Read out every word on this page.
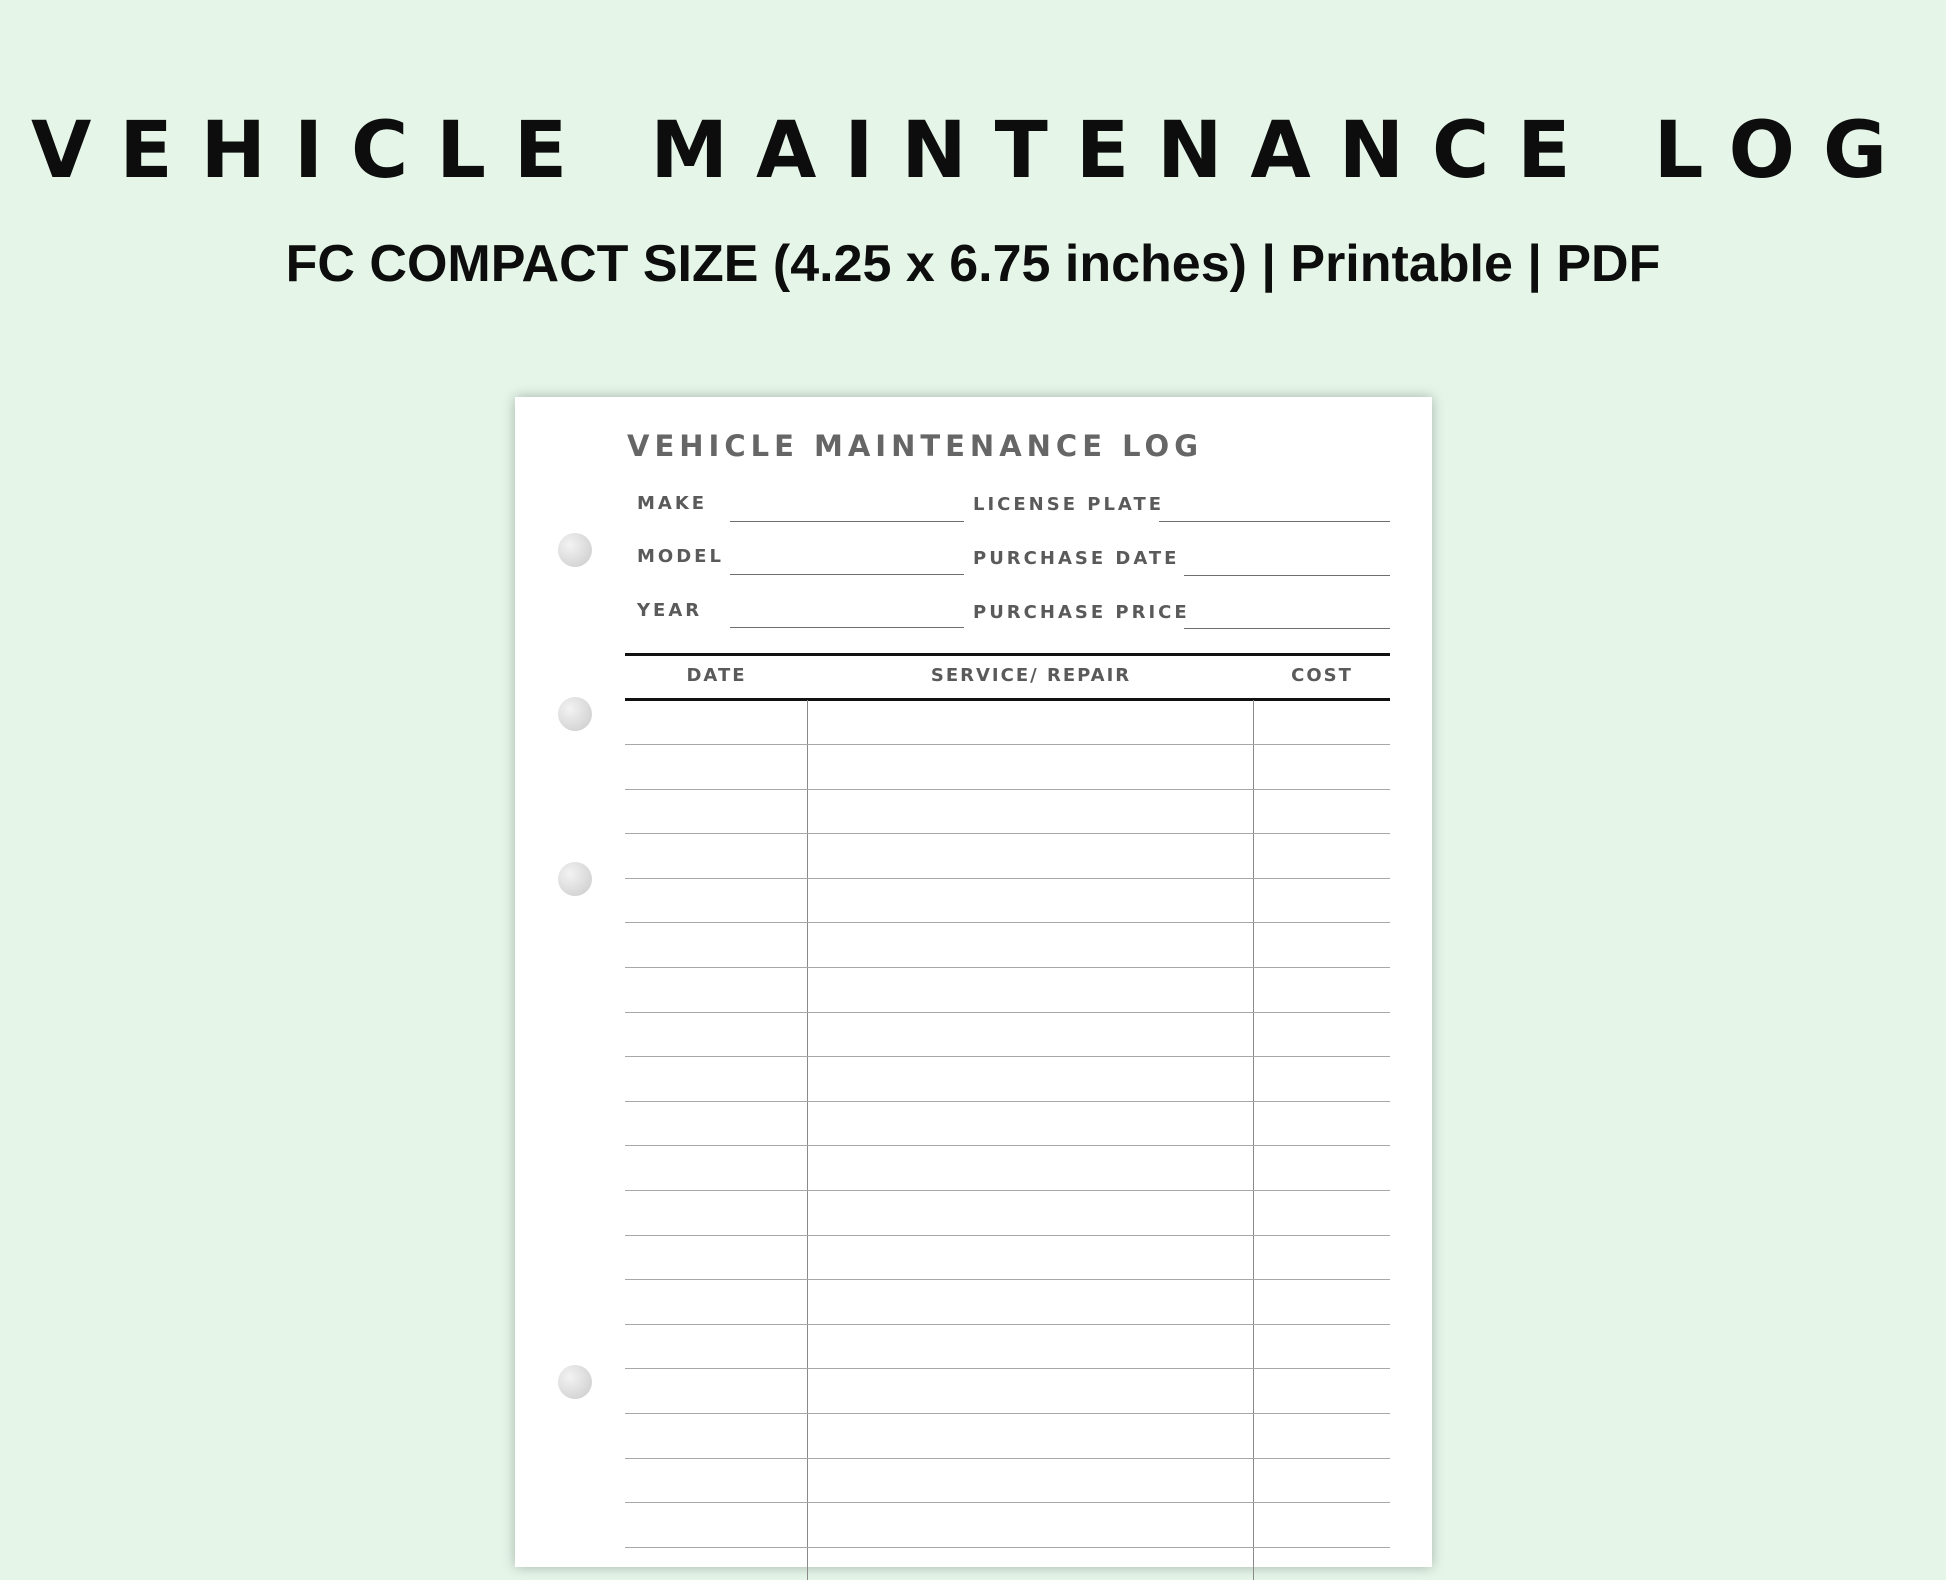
VEHICLE MAINTENANCE LOG
FC COMPACT SIZE (4.25 x 6.75 inches) | Printable | PDF
VEHICLE MAINTENANCE LOG
MAKE
MODEL
YEAR
LICENSE PLATE
PURCHASE DATE
PURCHASE PRICE
DATE	SERVICE/ REPAIR	COST
